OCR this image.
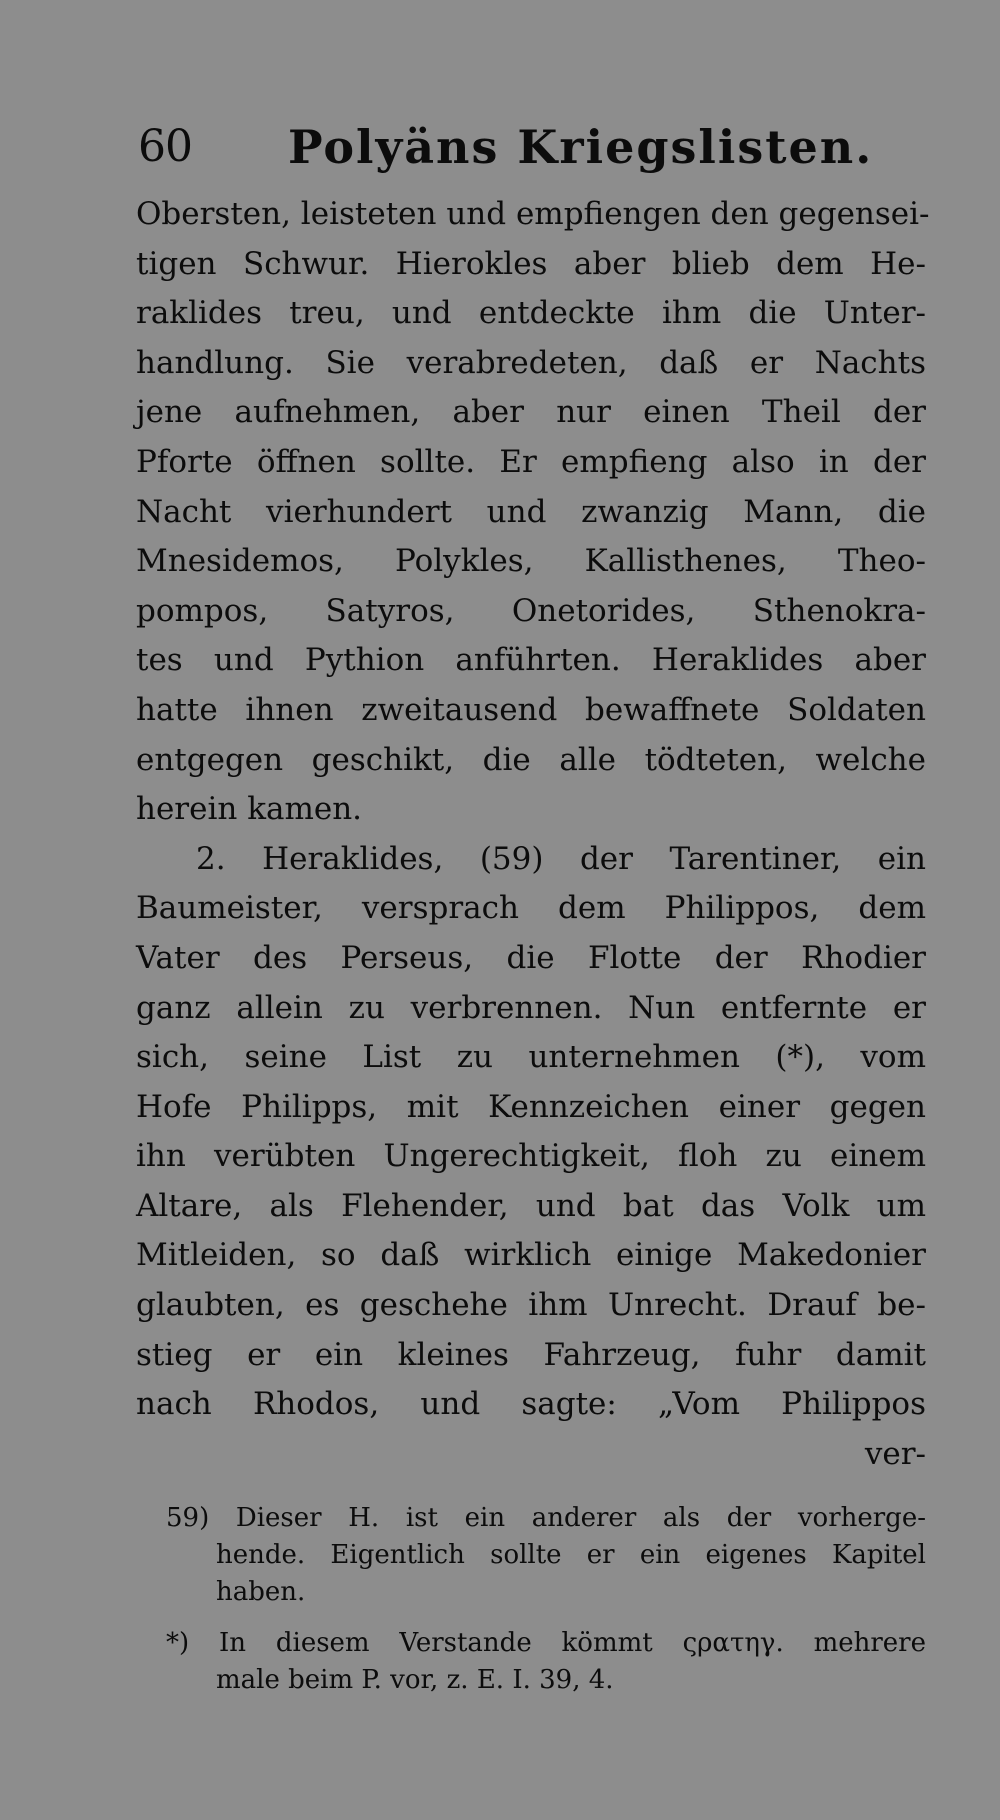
60 Polyäns Kriegslisten.
Obersten, leisteten und empfiengen den gegensei-
tigen Schwur. Hierokles aber blieb dem He-
raklides treu, und entdeckte ihm die Unter-
handlung. Sie verabredeten, daß er Nachts
jene aufnehmen, aber nur einen Theil der
Pforte öffnen sollte. Er empfieng also in der
Nacht vierhundert und zwanzig Mann, die
Mnesidemos, Polykles, Kallisthenes, Theo-
pompos, Satyros, Onetorides, Sthenokra-
tes und Pythion anführten. Heraklides aber
hatte ihnen zweitausend bewaffnete Soldaten
entgegen geschikt, die alle tödteten, welche
herein kamen.
2. Heraklides, (59) der Tarentiner, ein
Baumeister, versprach dem Philippos, dem
Vater des Perseus, die Flotte der Rhodier
ganz allein zu verbrennen. Nun entfernte er
sich, seine List zu unternehmen (*), vom
Hofe Philipps, mit Kennzeichen einer gegen
ihn verübten Ungerechtigkeit, floh zu einem
Altare, als Flehender, und bat das Volk um
Mitleiden, so daß wirklich einige Makedonier
glaubten, es geschehe ihm Unrecht. Drauf be-
stieg er ein kleines Fahrzeug, fuhr damit
nach Rhodos, und sagte: „Vom Philippos
ver-
59) Dieser H. ist ein anderer als der vorherge-
hende. Eigentlich sollte er ein eigenes Kapitel
haben.
*) In diesem Verstande kömmt ςρατηγ. mehrere
male beim P. vor, z. E. I. 39, 4.
